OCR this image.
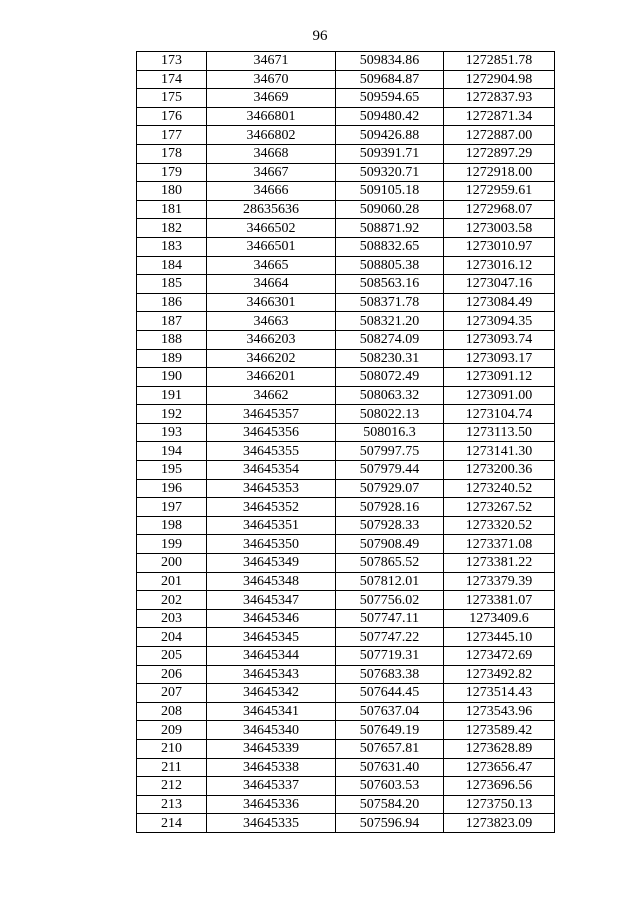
96
173	34671	509834.86	1272851.78
174	34670	509684.87	1272904.98
175	34669	509594.65	1272837.93
176	3466801	509480.42	1272871.34
177	3466802	509426.88	1272887.00
178	34668	509391.71	1272897.29
179	34667	509320.71	1272918.00
180	34666	509105.18	1272959.61
181	28635636	509060.28	1272968.07
182	3466502	508871.92	1273003.58
183	3466501	508832.65	1273010.97
184	34665	508805.38	1273016.12
185	34664	508563.16	1273047.16
186	3466301	508371.78	1273084.49
187	34663	508321.20	1273094.35
188	3466203	508274.09	1273093.74
189	3466202	508230.31	1273093.17
190	3466201	508072.49	1273091.12
191	34662	508063.32	1273091.00
192	34645357	508022.13	1273104.74
193	34645356	508016.3	1273113.50
194	34645355	507997.75	1273141.30
195	34645354	507979.44	1273200.36
196	34645353	507929.07	1273240.52
197	34645352	507928.16	1273267.52
198	34645351	507928.33	1273320.52
199	34645350	507908.49	1273371.08
200	34645349	507865.52	1273381.22
201	34645348	507812.01	1273379.39
202	34645347	507756.02	1273381.07
203	34645346	507747.11	1273409.6
204	34645345	507747.22	1273445.10
205	34645344	507719.31	1273472.69
206	34645343	507683.38	1273492.82
207	34645342	507644.45	1273514.43
208	34645341	507637.04	1273543.96
209	34645340	507649.19	1273589.42
210	34645339	507657.81	1273628.89
211	34645338	507631.40	1273656.47
212	34645337	507603.53	1273696.56
213	34645336	507584.20	1273750.13
214	34645335	507596.94	1273823.09
